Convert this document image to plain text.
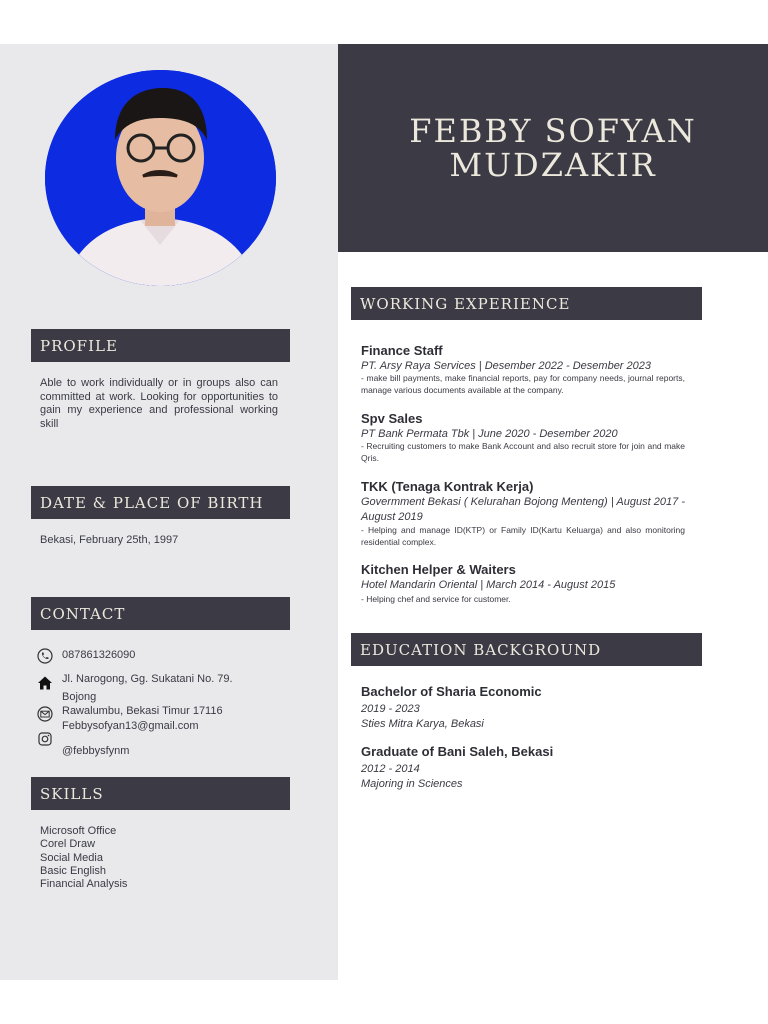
FEBBY SOFYAN
MUDZAKIR
PROFILE
Able to work individually or in groups also can committed at work. Looking for opportunities to gain my experience and professional working skill
DATE & PLACE OF BIRTH
Bekasi, February 25th, 1997
CONTACT
087861326090
Jl. Narogong, Gg. Sukatani No. 79.
Bojong
Rawalumbu, Bekasi Timur 17116
Febbysofyan13@gmail.com
@febbysfynm
SKILLS
Microsoft Office
Corel Draw
Social Media
Basic English
Financial Analysis
WORKING EXPERIENCE
Finance Staff
PT. Arsy Raya Services | Desember 2022 - Desember 2023
- make bill payments, make financial reports, pay for company needs, journal reports, manage various documents available at the company.
Spv Sales
PT Bank Permata Tbk | June 2020 - Desember 2020
- Recruiting customers to make Bank Account and also recruit store for join and make Qris.
TKK (Tenaga Kontrak Kerja)
Govermment Bekasi ( Kelurahan Bojong Menteng) | August 2017 - August 2019
- Helping and manage ID(KTP) or Family ID(Kartu Keluarga) and also monitoring residential complex.
Kitchen Helper & Waiters
Hotel Mandarin Oriental | March 2014 - August 2015
- Helping chef and service for customer.
EDUCATION BACKGROUND
Bachelor of Sharia Economic
2019 - 2023
Sties Mitra Karya, Bekasi
Graduate of Bani Saleh, Bekasi
2012 - 2014
Majoring in Sciences
